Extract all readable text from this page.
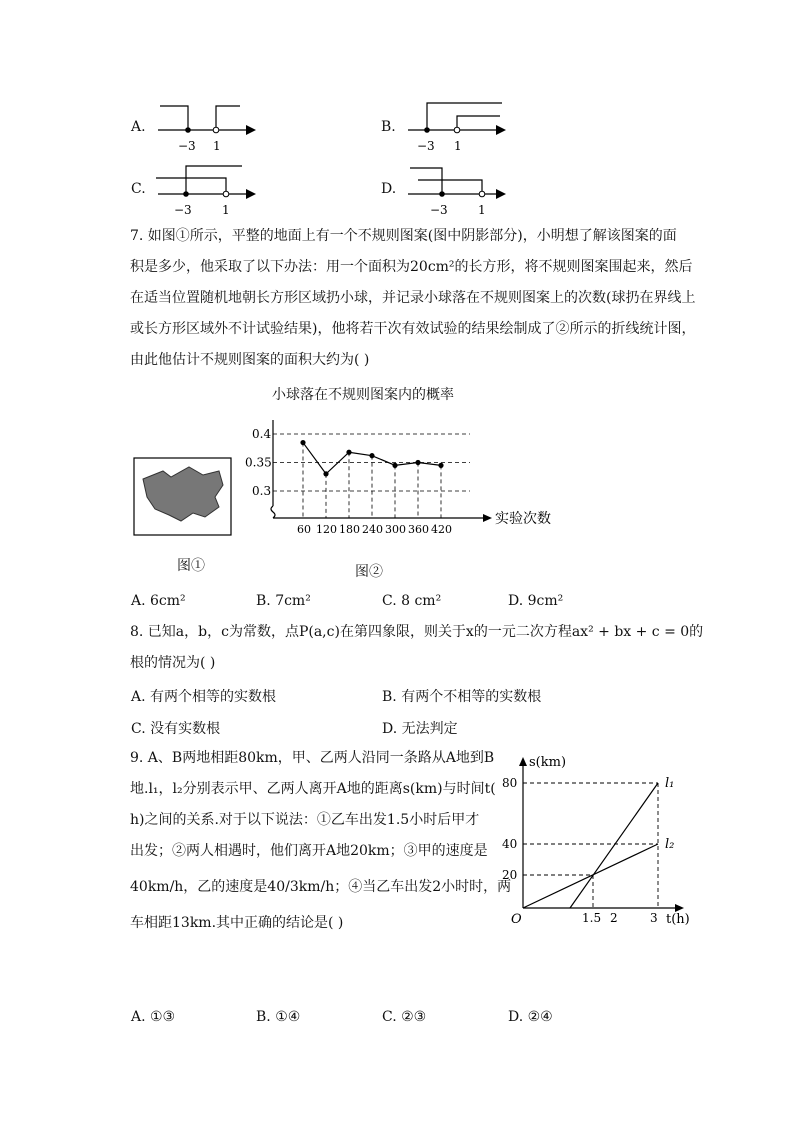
A.
−3 1
B.
−3 1
C.
−3	1
D.
−3	1
7. 如图①所示，平整的地面上有一个不规则图案(图中阴影部分)，小明想了解该图案的面
积是多少，他采取了以下办法：用一个面积为20cm²的长方形，将不规则图案围起来，然后
在适当位置随机地朝长方形区域扔小球，并记录小球落在不规则图案上的次数(球扔在界线上
或长方形区域外不计试验结果)，他将若干次有效试验的结果绘制成了②所示的折线统计图，
由此他估计不规则图案的面积大约为( )
图①
小球落在不规则图案内的概率
0.4
0.35
0.3
60 120 180 240 300 360 420
实验次数
图②
A. 6cm²	B. 7cm²	C. 8 cm²	D. 9cm²
8. 已知a，b，c为常数，点P(a,c)在第四象限，则关于x的一元二次方程ax² + bx + c = 0的
根的情况为( )
A. 有两个相等的实数根	B. 有两个不相等的实数根
C. 没有实数根	D. 无法判定
9. A、B两地相距80km，甲、乙两人沿同一条路从A地到B
地.l₁，l₂分别表示甲、乙两人离开A地的距离s(km)与时间t(
h)之间的关系.对于以下说法：①乙车出发1.5小时后甲才
出发；②两人相遇时，他们离开A地20km；③甲的速度是
40km/h，乙的速度是40/3km/h；④当乙车出发2小时时，两
车相距13km.其中正确的结论是( )
s(km)
t(h)
O
80
40
20
1.5 2	3
l₁
l₂
A. ①③	B. ①④	C. ②③	D. ②④
